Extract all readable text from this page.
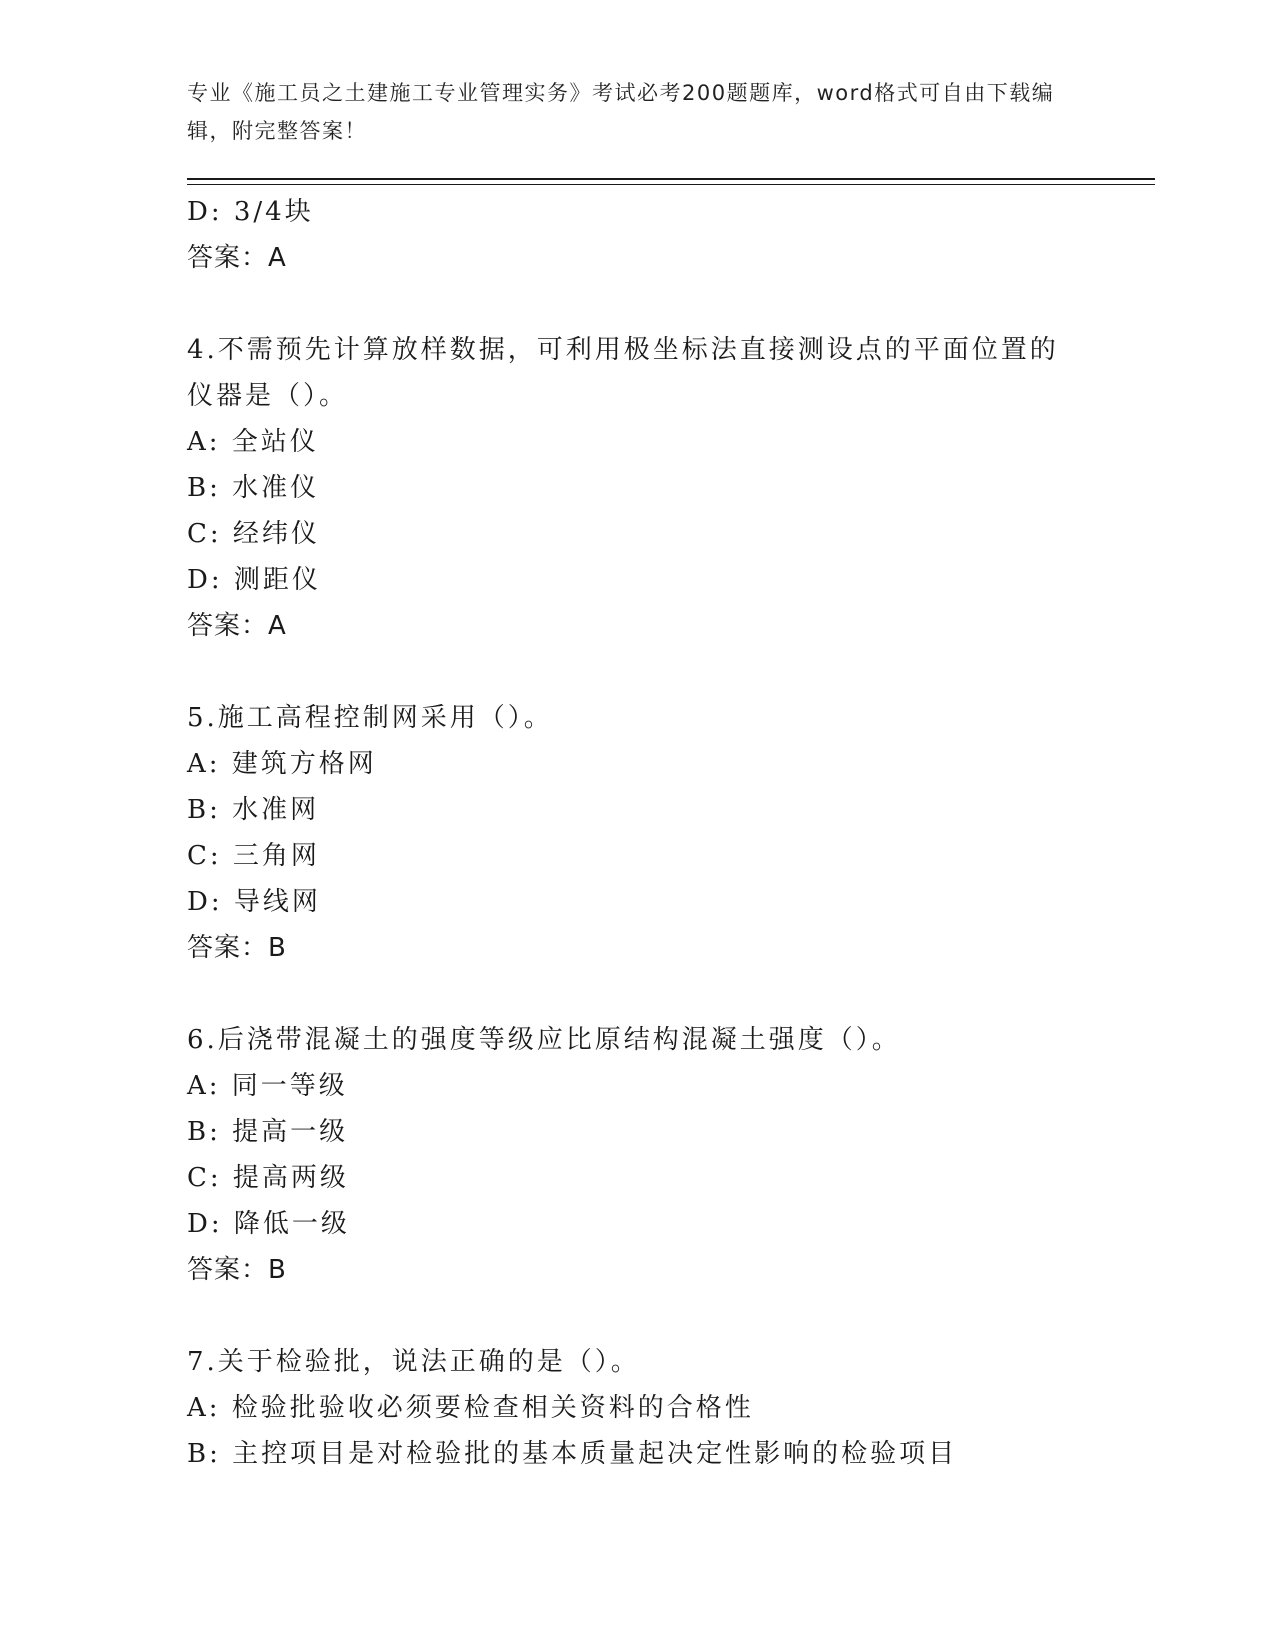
专业《施工员之土建施工专业管理实务》考试必考200题题库，word格式可自由下载编辑，附完整答案！
D: 3/4块
答案：A
4.不需预先计算放样数据，可利用极坐标法直接测设点的平面位置的仪器是（）。
A: 全站仪
B: 水准仪
C: 经纬仪
D: 测距仪
答案：A
5.施工高程控制网采用（）。
A: 建筑方格网
B: 水准网
C: 三角网
D: 导线网
答案：B
6.后浇带混凝土的强度等级应比原结构混凝土强度（）。
A: 同一等级
B: 提高一级
C: 提高两级
D: 降低一级
答案：B
7.关于检验批，说法正确的是（）。
A: 检验批验收必须要检查相关资料的合格性
B: 主控项目是对检验批的基本质量起决定性影响的检验项目
